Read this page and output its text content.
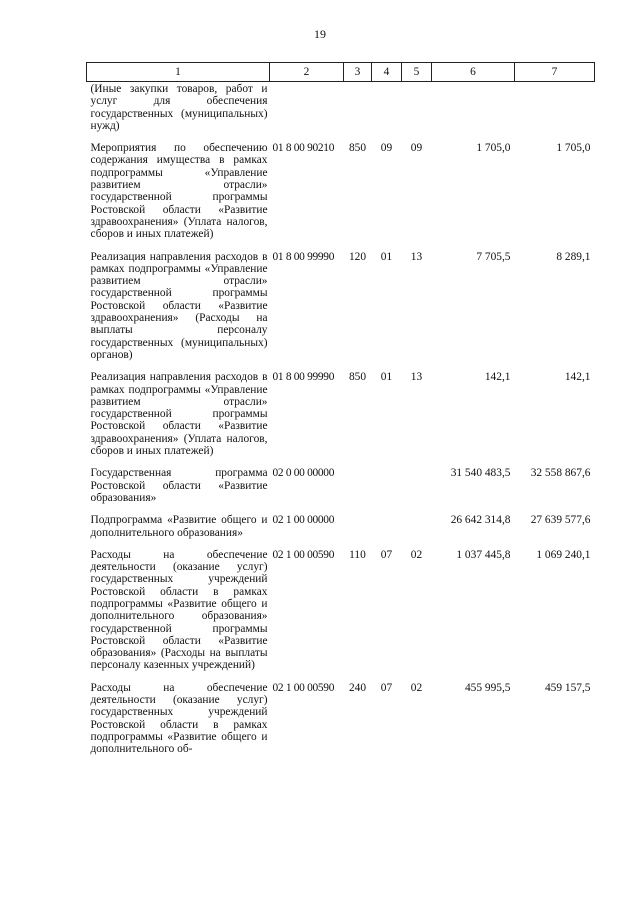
19
1	2	3	4	5	6	7
(Иные закупки товаров, работ и услуг для обеспечения государственных (муниципальных) нужд)						
Мероприятия по обеспечению содержания имущества в рамках подпрограммы «Управление развитием отрасли» государственной программы Ростовской области «Развитие здравоохранения» (Уплата налогов, сборов и иных платежей)	01 8 00 90210	850	09	09	1 705,0	1 705,0
Реализация направления расходов в рамках подпрограммы «Управление развитием отрасли» государственной программы Ростовской области «Развитие здравоохранения» (Расходы на выплаты персоналу государственных (муниципальных) органов)	01 8 00 99990	120	01	13	7 705,5	8 289,1
Реализация направления расходов в рамках подпрограммы «Управление развитием отрасли» государственной программы Ростовской области «Развитие здравоохранения» (Уплата налогов, сборов и иных платежей)	01 8 00 99990	850	01	13	142,1	142,1
Государственная программа Ростовской области «Развитие образования»	02 0 00 00000				31 540 483,5	32 558 867,6
Подпрограмма «Развитие общего и дополнительного образования»	02 1 00 00000				26 642 314,8	27 639 577,6
Расходы на обеспечение деятельности (оказание услуг) государственных учреждений Ростовской области в рамках подпрограммы «Развитие общего и дополнительного образования» государственной программы Ростовской области «Развитие образования» (Расходы на выплаты персоналу казенных учреждений)	02 1 00 00590	110	07	02	1 037 445,8	1 069 240,1
Расходы на обеспечение деятельности (оказание услуг) государственных учреждений Ростовской области в рамках подпрограммы «Развитие общего и дополнительного об-	02 1 00 00590	240	07	02	455 995,5	459 157,5
